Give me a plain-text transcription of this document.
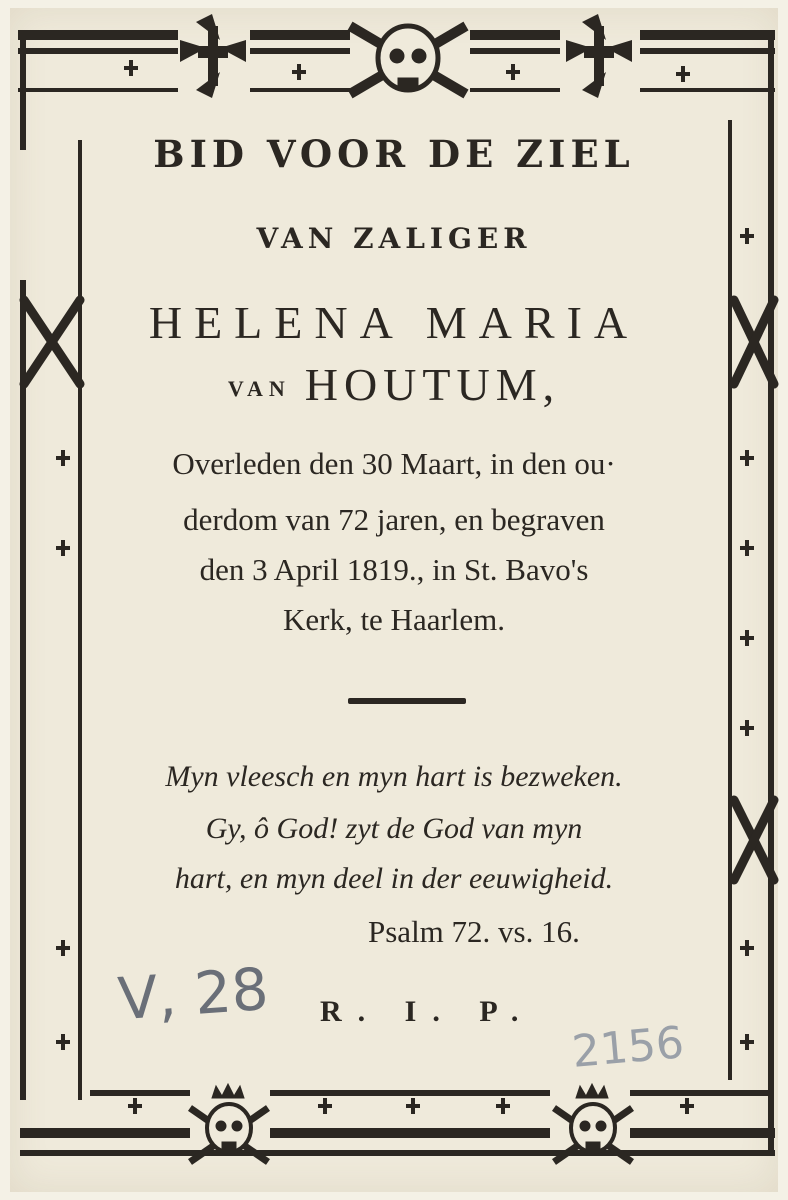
BID VOOR DE ZIEL
VAN ZALIGER
HELENA MARIA
VAN HOUTUM,
Overleden den 30 Maart, in den ou·
derdom van 72 jaren, en begraven
den 3 April 1819., in St. Bavo's
Kerk, te Haarlem.
Myn vleesch en myn hart is bezweken.
Gy, ô God! zyt de God van myn
hart, en myn deel in der eeuwigheid.
Psalm 72. vs. 16.
R. I. P.
V, 28
2156
